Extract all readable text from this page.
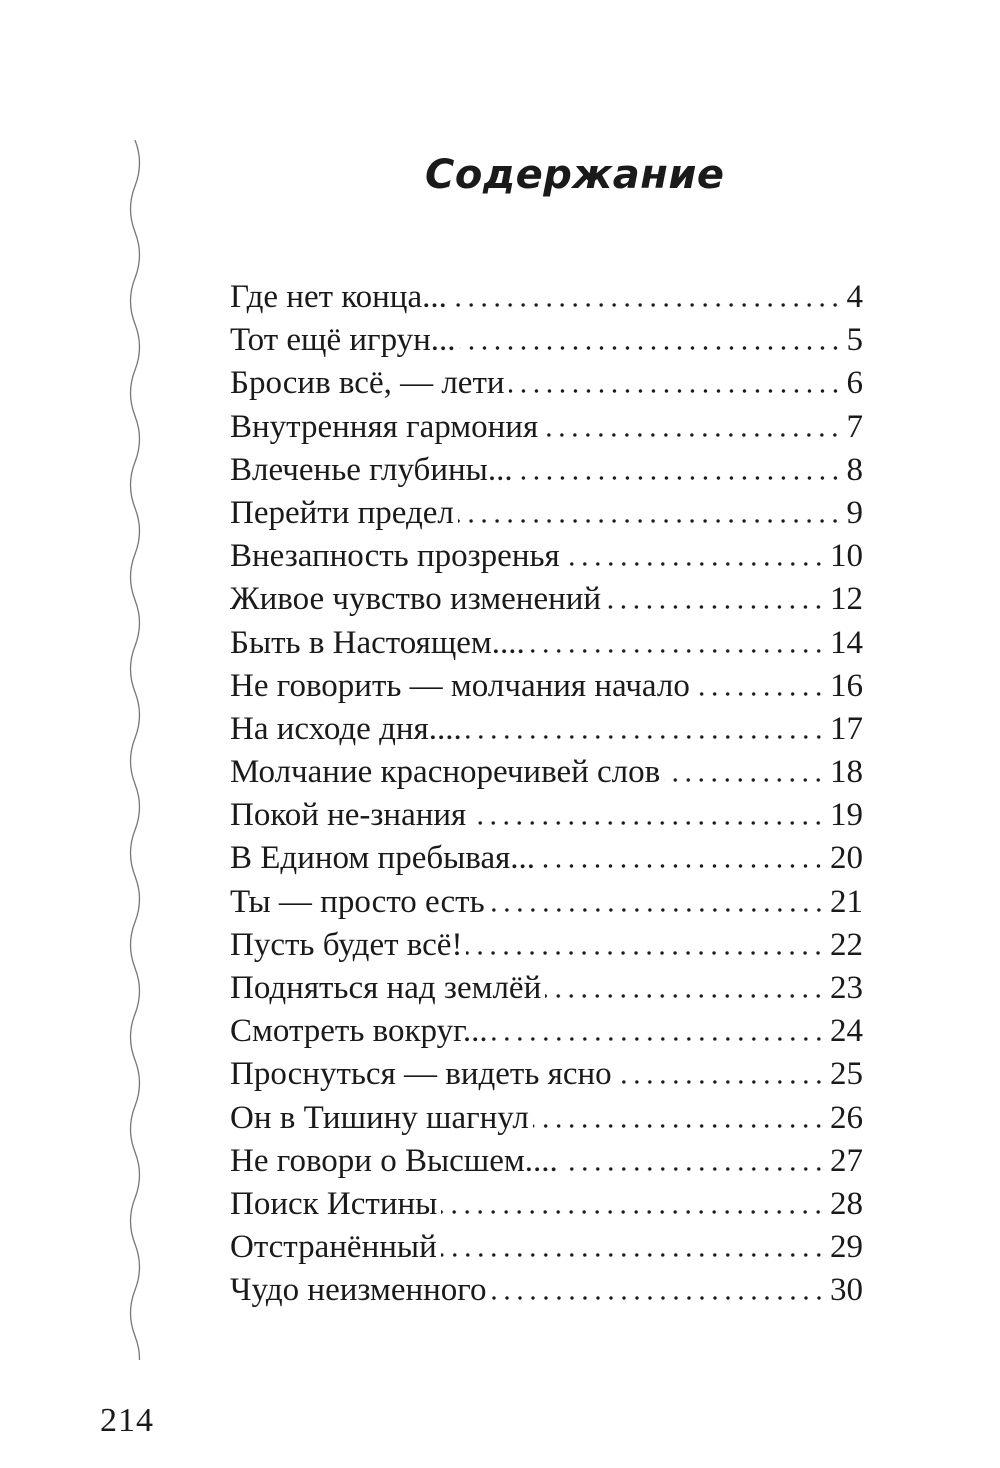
Содержание
Где нет конца...	4
Тот ещё игрун...	5
Бросив всё, — лети	6
Внутренняя гармония	7
Влеченье глубины...	8
Перейти предел	9
Внезапность прозренья	10
Живое чувство изменений	12
Быть в Настоящем....	14
Не говорить — молчания начало	16
На исходе дня....	17
Молчание красноречивей слов	18
Покой не-знания	19
В Едином пребывая...	20
Ты — просто есть	21
Пусть будет всё!	22
Подняться над землёй	23
Смотреть вокруг...	24
Проснуться — видеть ясно	25
Он в Тишину шагнул	26
Не говори о Высшем....	27
Поиск Истины	28
Отстранённый	29
Чудо неизменного	30
214
